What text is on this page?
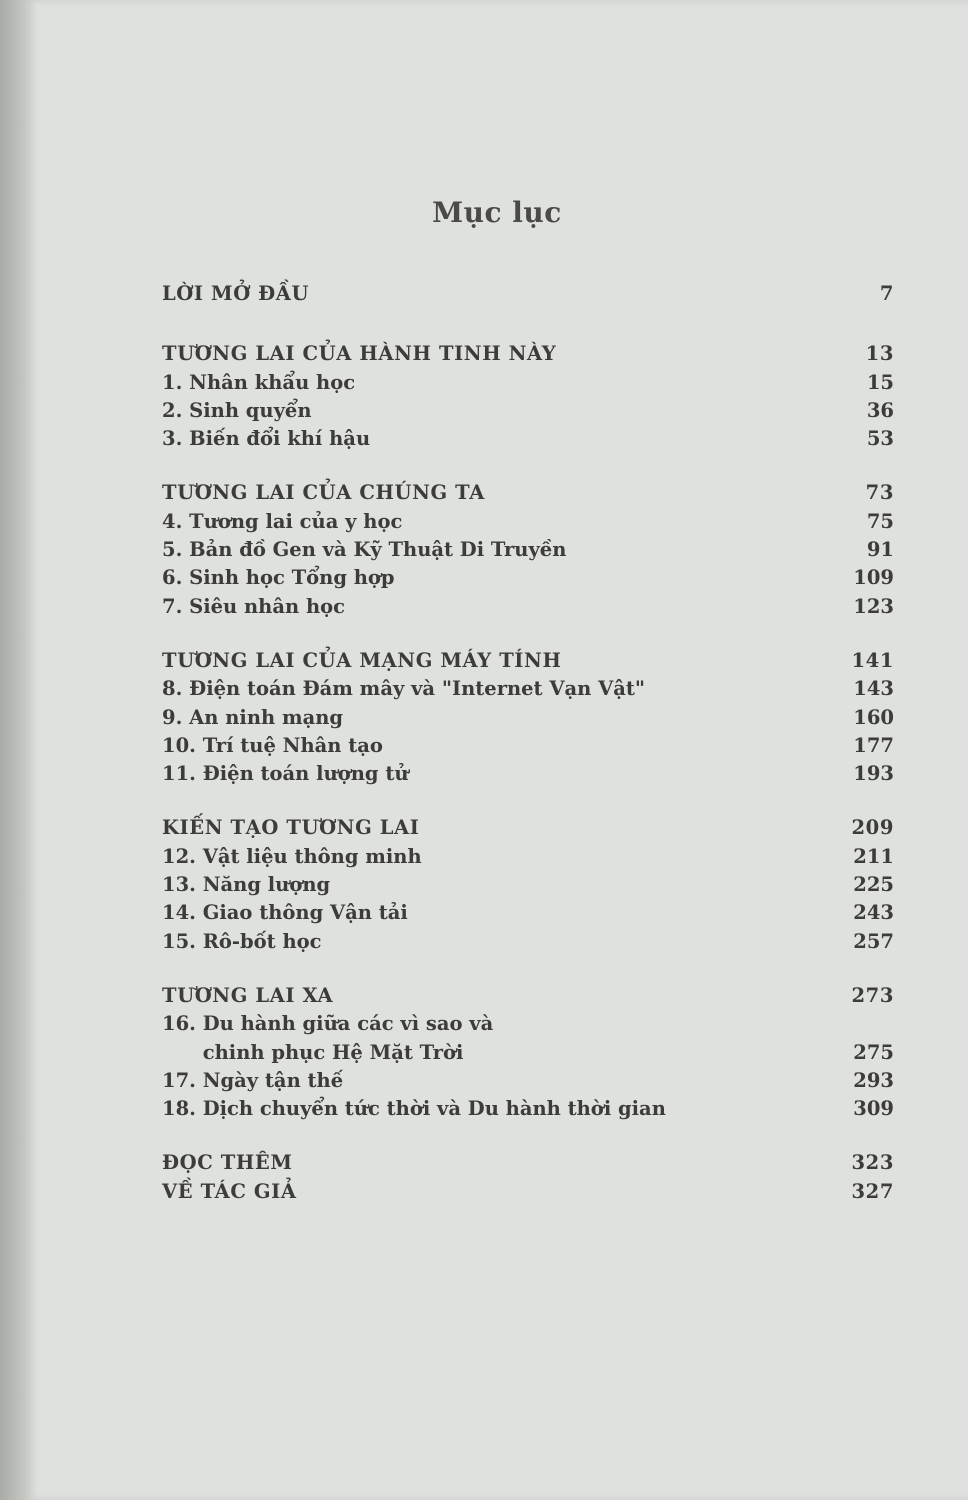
Mục lục
LỜI MỞ ĐẦU	7
TƯƠNG LAI CỦA HÀNH TINH NÀY	13
1. Nhân khẩu học	15
2. Sinh quyển	36
3. Biến đổi khí hậu	53
TƯƠNG LAI CỦA CHÚNG TA	73
4. Tương lai của y học	75
5. Bản đồ Gen và Kỹ Thuật Di Truyền	91
6. Sinh học Tổng hợp	109
7. Siêu nhân học	123
TƯƠNG LAI CỦA MẠNG MÁY TÍNH	141
8. Điện toán Đám mây và "Internet Vạn Vật"	143
9. An ninh mạng	160
10. Trí tuệ Nhân tạo	177
11. Điện toán lượng tử	193
KIẾN TẠO TƯƠNG LAI	209
12. Vật liệu thông minh	211
13. Năng lượng	225
14. Giao thông Vận tải	243
15. Rô-bốt học	257
TƯƠNG LAI XA	273
16. Du hành giữa các vì sao và
chinh phục Hệ Mặt Trời	275
17. Ngày tận thế	293
18. Dịch chuyển tức thời và Du hành thời gian	309
ĐỌC THÊM	323
VỀ TÁC GIẢ	327
